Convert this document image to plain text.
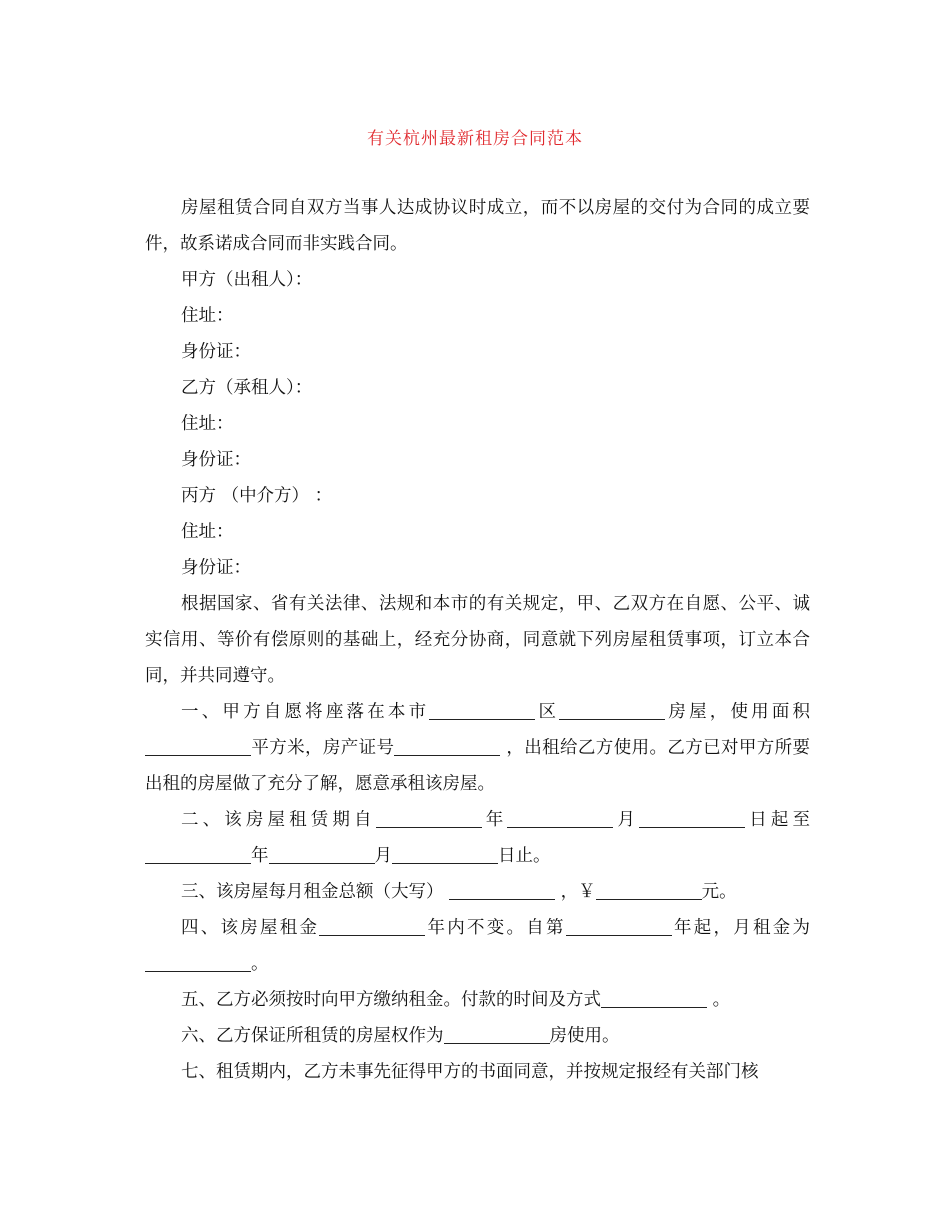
有关杭州最新租房合同范本

房屋租赁合同自双方当事人达成协议时成立，而不以房屋的交付为合同的成立要件，故系诺成合同而非实践合同。

甲方（出租人）：

住址：

身份证：

乙方（承租人）：

住址：

身份证：

丙方 （中介方） ：

住址：

身份证：

根据国家、省有关法律、法规和本市的有关规定，甲、乙双方在自愿、公平、诚实信用、等价有偿原则的基础上，经充分协商，同意就下列房屋租赁事项，订立本合同，并共同遵守。

一、甲方自愿将座落在本市	区	房屋，使用面积平方米，房产证号	，出租给乙方使用。乙方已对甲方所要出租的房屋做了充分了解，愿意承租该房屋。

二、该房屋租赁期自	年	月	日起至年	月	日止。

三、该房屋每月租金总额（大写）	，￥	元。

四、该房屋租金	年内不变。自第	年起，月租金为。

五、乙方必须按时向甲方缴纳租金。付款的时间及方式	。

六、乙方保证所租赁的房屋权作为	房使用。

七、租赁期内，乙方未事先征得甲方的书面同意，并按规定报经有关部门核
